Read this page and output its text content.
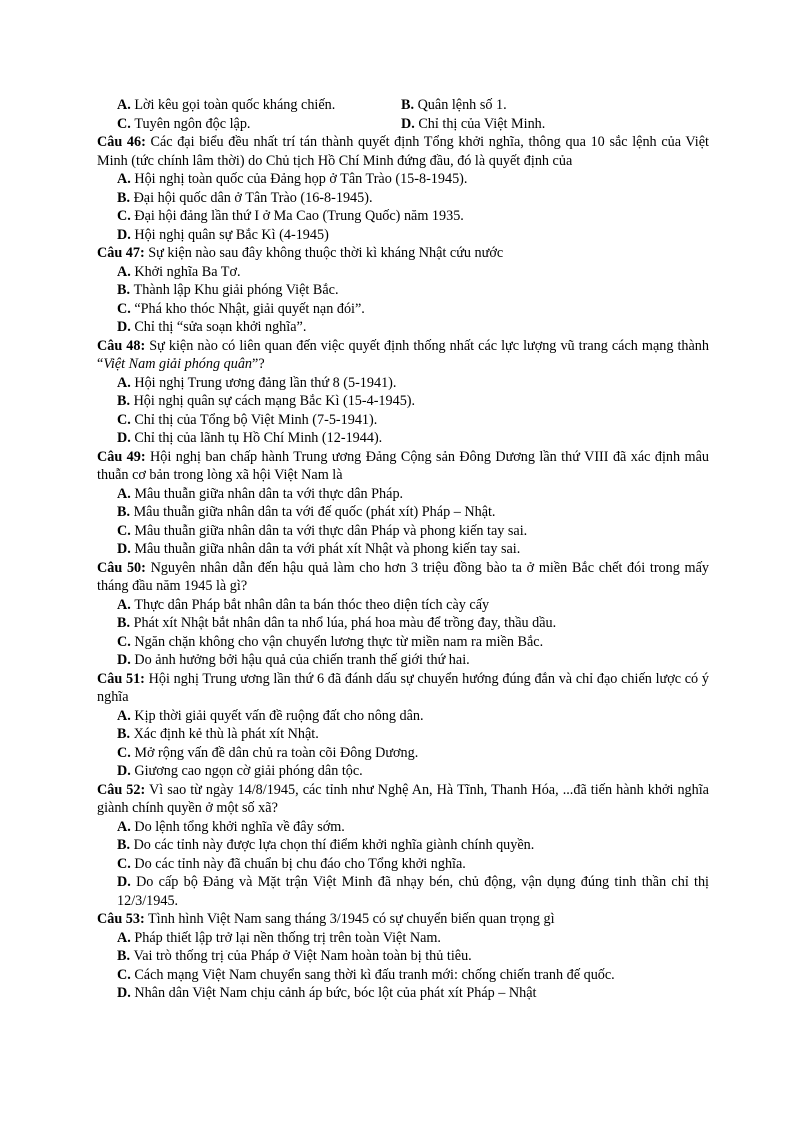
A. Lời kêu gọi toàn quốc kháng chiến.	B. Quân lệnh số 1.
C. Tuyên ngôn độc lập.	D. Chỉ thị của Việt Minh.
Câu 46: Các đại biểu đều nhất trí tán thành quyết định Tổng khởi nghĩa, thông qua 10 sắc lệnh của Việt Minh (tức chính lâm thời) do Chủ tịch Hồ Chí Minh đứng đầu, đó là quyết định của
A. Hội nghị toàn quốc của Đảng họp ở Tân Trào (15-8-1945).
B. Đại hội quốc dân ở Tân Trào (16-8-1945).
C. Đại hội đảng lần thứ I ở Ma Cao (Trung Quốc) năm 1935.
D. Hội nghị quân sự Bắc Kì (4-1945)
Câu 47: Sự kiện nào sau đây không thuộc thời kì kháng Nhật cứu nước
A. Khởi nghĩa Ba Tơ.
B. Thành lập Khu giải phóng Việt Bắc.
C. “Phá kho thóc Nhật, giải quyết nạn đói”.
D. Chỉ thị “sửa soạn khởi nghĩa”.
Câu 48: Sự kiện nào có liên quan đến việc quyết định thống nhất các lực lượng vũ trang cách mạng thành “Việt Nam giải phóng quân”?
A. Hội nghị Trung ương đảng lần thứ 8 (5-1941).
B. Hội nghị quân sự cách mạng Bắc Kì (15-4-1945).
C. Chỉ thị của Tổng bộ Việt Minh (7-5-1941).
D. Chỉ thị của lãnh tụ Hồ Chí Minh (12-1944).
Câu 49: Hội nghị ban chấp hành Trung ương Đảng Cộng sản Đông Dương lần thứ VIII đã xác định mâu thuẫn cơ bản trong lòng xã hội Việt Nam là
A. Mâu thuẫn giữa nhân dân ta với thực dân Pháp.
B. Mâu thuẫn giữa nhân dân ta với đế quốc (phát xít) Pháp – Nhật.
C. Mâu thuẫn giữa nhân dân ta với thực dân Pháp và phong kiến tay sai.
D. Mâu thuẫn giữa nhân dân ta với phát xít Nhật và phong kiến tay sai.
Câu 50: Nguyên nhân dẫn đến hậu quả làm cho hơn 3 triệu đồng bào ta ở miền Bắc chết đói trong mấy tháng đầu năm 1945 là gì?
A. Thực dân Pháp bắt nhân dân ta bán thóc theo diện tích cày cấy
B. Phát xít Nhật bắt nhân dân ta nhổ lúa, phá hoa màu để trồng đay, thầu dầu.
C. Ngăn chặn không cho vận chuyển lương thực từ miền nam ra miền Bắc.
D. Do ảnh hưởng bởi hậu quả của chiến tranh thế giới thứ hai.
Câu 51: Hội nghị Trung ương lần thứ 6 đã đánh dấu sự chuyển hướng đúng đắn và chỉ đạo chiến lược có ý nghĩa
A. Kịp thời giải quyết vấn đề ruộng đất cho nông dân.
B. Xác định kẻ thù là phát xít Nhật.
C. Mở rộng vấn đề dân chủ ra toàn cõi Đông Dương.
D. Giương cao ngọn cờ giải phóng dân tộc.
Câu 52: Vì sao từ ngày 14/8/1945, các tỉnh như Nghệ An, Hà Tĩnh, Thanh Hóa, ...đã tiến hành khởi nghĩa giành chính quyền ở một số xã?
A. Do lệnh tổng khởi nghĩa về đây sớm.
B. Do các tỉnh này được lựa chọn thí điểm khởi nghĩa giành chính quyền.
C. Do các tỉnh này đã chuẩn bị chu đáo cho Tổng khởi nghĩa.
D. Do cấp bộ Đảng và Mặt trận Việt Minh đã nhạy bén, chủ động, vận dụng đúng tinh thần chỉ thị 12/3/1945.
Câu 53: Tình hình Việt Nam sang tháng 3/1945 có sự chuyển biến quan trọng gì
A. Pháp thiết lập trở lại nền thống trị trên toàn Việt Nam.
B. Vai trò thống trị của Pháp ở Việt Nam hoàn toàn bị thủ tiêu.
C. Cách mạng Việt Nam chuyển sang thời kì đấu tranh mới: chống chiến tranh đế quốc.
D. Nhân dân Việt Nam chịu cảnh áp bức, bóc lột của phát xít Pháp – Nhật
